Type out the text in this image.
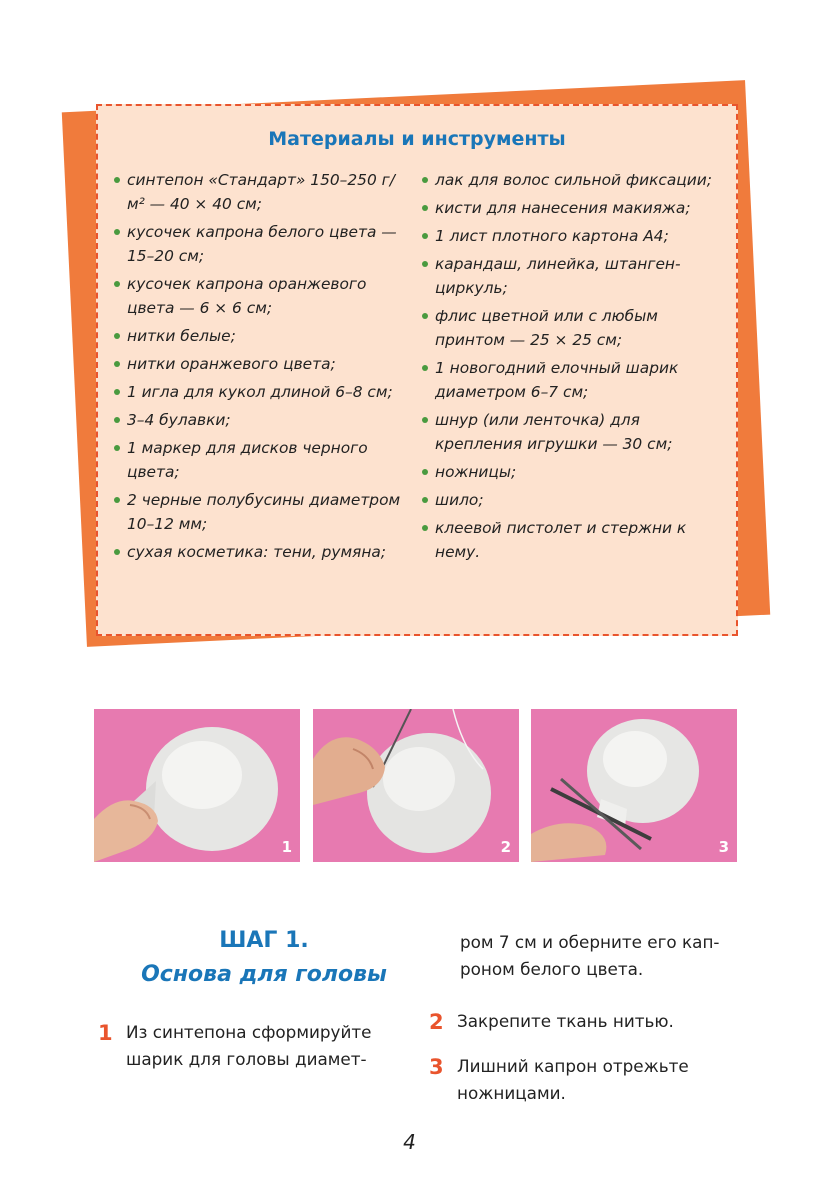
Материалы и инструменты
синтепон «Стандарт» 150–250 г/м² — 40 × 40 см;
кусочек капрона белого цвета — 15–20 см;
кусочек капрона оранжевого цвета — 6 × 6 см;
нитки белые;
нитки оранжевого цвета;
1 игла для кукол длиной 6–8 см;
3–4 булавки;
1 маркер для дисков черного цвета;
2 черные полубусины диаметром 10–12 мм;
сухая косметика: тени, румяна;
лак для волос сильной фиксации;
кисти для нанесения макияжа;
1 лист плотного картона А4;
карандаш, линейка, штанген-циркуль;
флис цветной или с любым принтом — 25 × 25 см;
1 новогодний елочный шарик диаметром 6–7 см;
шнур (или ленточка) для крепления игрушки — 30 см;
ножницы;
шило;
клеевой пистолет и стержни к нему.
1	2	3
ШАГ 1.
Основа для головы
1 Из синтепона сформируйте шарик для головы диамет-
ром 7 см и оберните его кап-роном белого цвета.
2 Закрепите ткань нитью.
3 Лишний капрон отрежьте ножницами.
4
